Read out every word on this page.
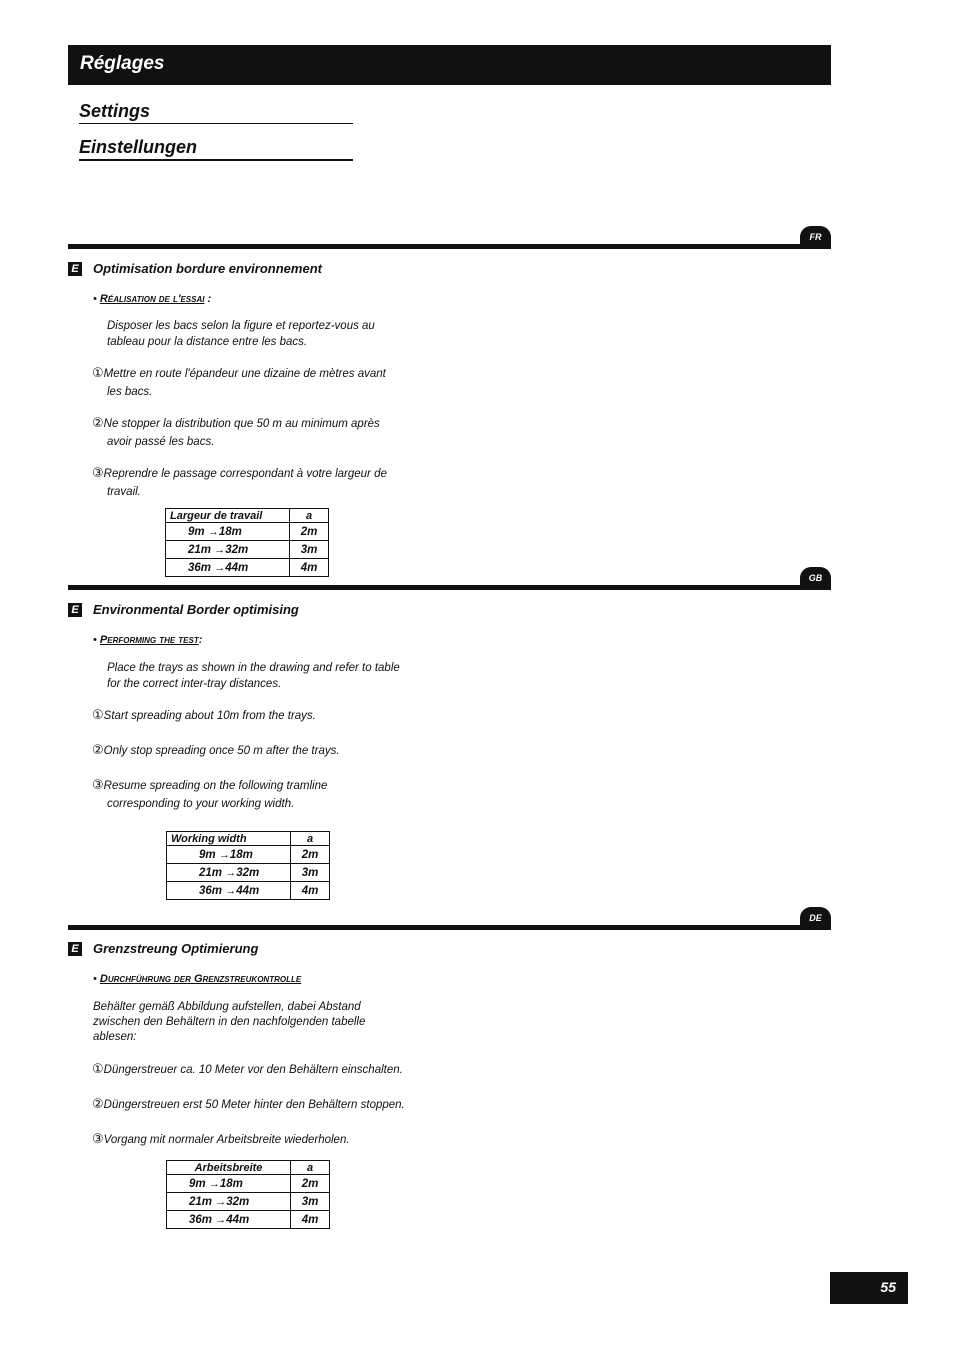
Réglages
Settings
Einstellungen
FR
E Optimisation bordure environnement
• Réalisation de l'essai :
Disposer les bacs selon la figure et reportez-vous au
tableau pour la distance entre les bacs.
①Mettre en route l'épandeur une dizaine de mètres avant
les bacs.
②Ne stopper la distribution que 50 m au minimum après
avoir passé les bacs.
③Reprendre le passage correspondant à votre largeur de
travail.
Largeur de travail	a
9m →18m	2m
21m →32m	3m
36m →44m	4m
GB
E Environmental Border optimising
• Performing the test:
Place the trays as shown in the drawing and refer to table
for the correct inter-tray distances.
①Start spreading about 10m from the trays.
②Only stop spreading once 50 m after the trays.
③Resume spreading on the following tramline
corresponding to your working width.
Working width	a
9m →18m	2m
21m →32m	3m
36m →44m	4m
DE
E Grenzstreung Optimierung
• Durchführung der Grenzstreukontrolle
Behälter gemäß Abbildung aufstellen, dabei Abstand
zwischen den Behältern in den nachfolgenden tabelle
ablesen:
①Düngerstreuer ca. 10 Meter vor den Behältern einschalten.
②Düngerstreuen erst 50 Meter hinter den Behältern stoppen.
③Vorgang mit normaler Arbeitsbreite wiederholen.
Arbeitsbreite	a
9m →18m	2m
21m →32m	3m
36m →44m	4m
55
